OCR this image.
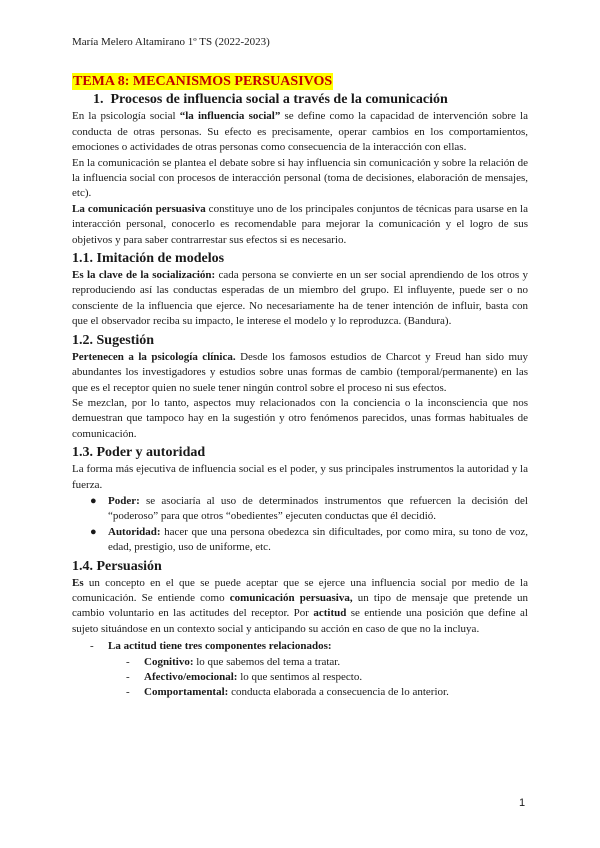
María Melero Altamirano 1º TS (2022-2023)
TEMA 8: MECANISMOS PERSUASIVOS
1. Procesos de influencia social a través de la comunicación

En la psicología social “la influencia social” se define como la capacidad de intervención sobre la conducta de otras personas. Su efecto es precisamente, operar cambios en los comportamientos, emociones o actividades de otras personas como consecuencia de la interacción con ellas.

En la comunicación se plantea el debate sobre si hay influencia sin comunicación y sobre la relación de la influencia social con procesos de interacción personal (toma de decisiones, elaboración de mensajes, etc).

La comunicación persuasiva constituye uno de los principales conjuntos de técnicas para usarse en la interacción personal, conocerlo es recomendable para mejorar la comunicación y el logro de sus objetivos y para saber contrarrestar sus efectos si es necesario.

1.1. Imitación de modelos

Es la clave de la socialización: cada persona se convierte en un ser social aprendiendo de los otros y reproduciendo así las conductas esperadas de un miembro del grupo. El influyente, puede ser o no consciente de la influencia que ejerce. No necesariamente ha de tener intención de influir, basta con que el observador reciba su impacto, le interese el modelo y lo reproduzca. (Bandura).

1.2. Sugestión

Pertenecen a la psicología clínica. Desde los famosos estudios de Charcot y Freud han sido muy abundantes los investigadores y estudios sobre unas formas de cambio (temporal/permanente) en las que es el receptor quien no suele tener ningún control sobre el proceso ni sus efectos.

Se mezclan, por lo tanto, aspectos muy relacionados con la conciencia o la inconsciencia que nos demuestran que tampoco hay en la sugestión y otro fenómenos parecidos, unas formas habituales de comunicación.

1.3. Poder y autoridad

La forma más ejecutiva de influencia social es el poder, y sus principales instrumentos la autoridad y la fuerza.

● Poder: se asociaría al uso de determinados instrumentos que refuercen la decisión del “poderoso” para que otros “obedientes” ejecuten conductas que él decidió.
● Autoridad: hacer que una persona obedezca sin dificultades, por como mira, su tono de voz, edad, prestigio, uso de uniforme, etc.
1.4. Persuasión

Es un concepto en el que se puede aceptar que se ejerce una influencia social por medio de la comunicación. Se entiende como comunicación persuasiva, un tipo de mensaje que pretende un cambio voluntario en las actitudes del receptor. Por actitud se entiende una posición que define al sujeto situándose en un contexto social y anticipando su acción en caso de que no la incluya.

- La actitud tiene tres componentes relacionados:
- Cognitivo: lo que sabemos del tema a tratar.
- Afectivo/emocional: lo que sentimos al respecto.
- Comportamental: conducta elaborada a consecuencia de lo anterior.
1
